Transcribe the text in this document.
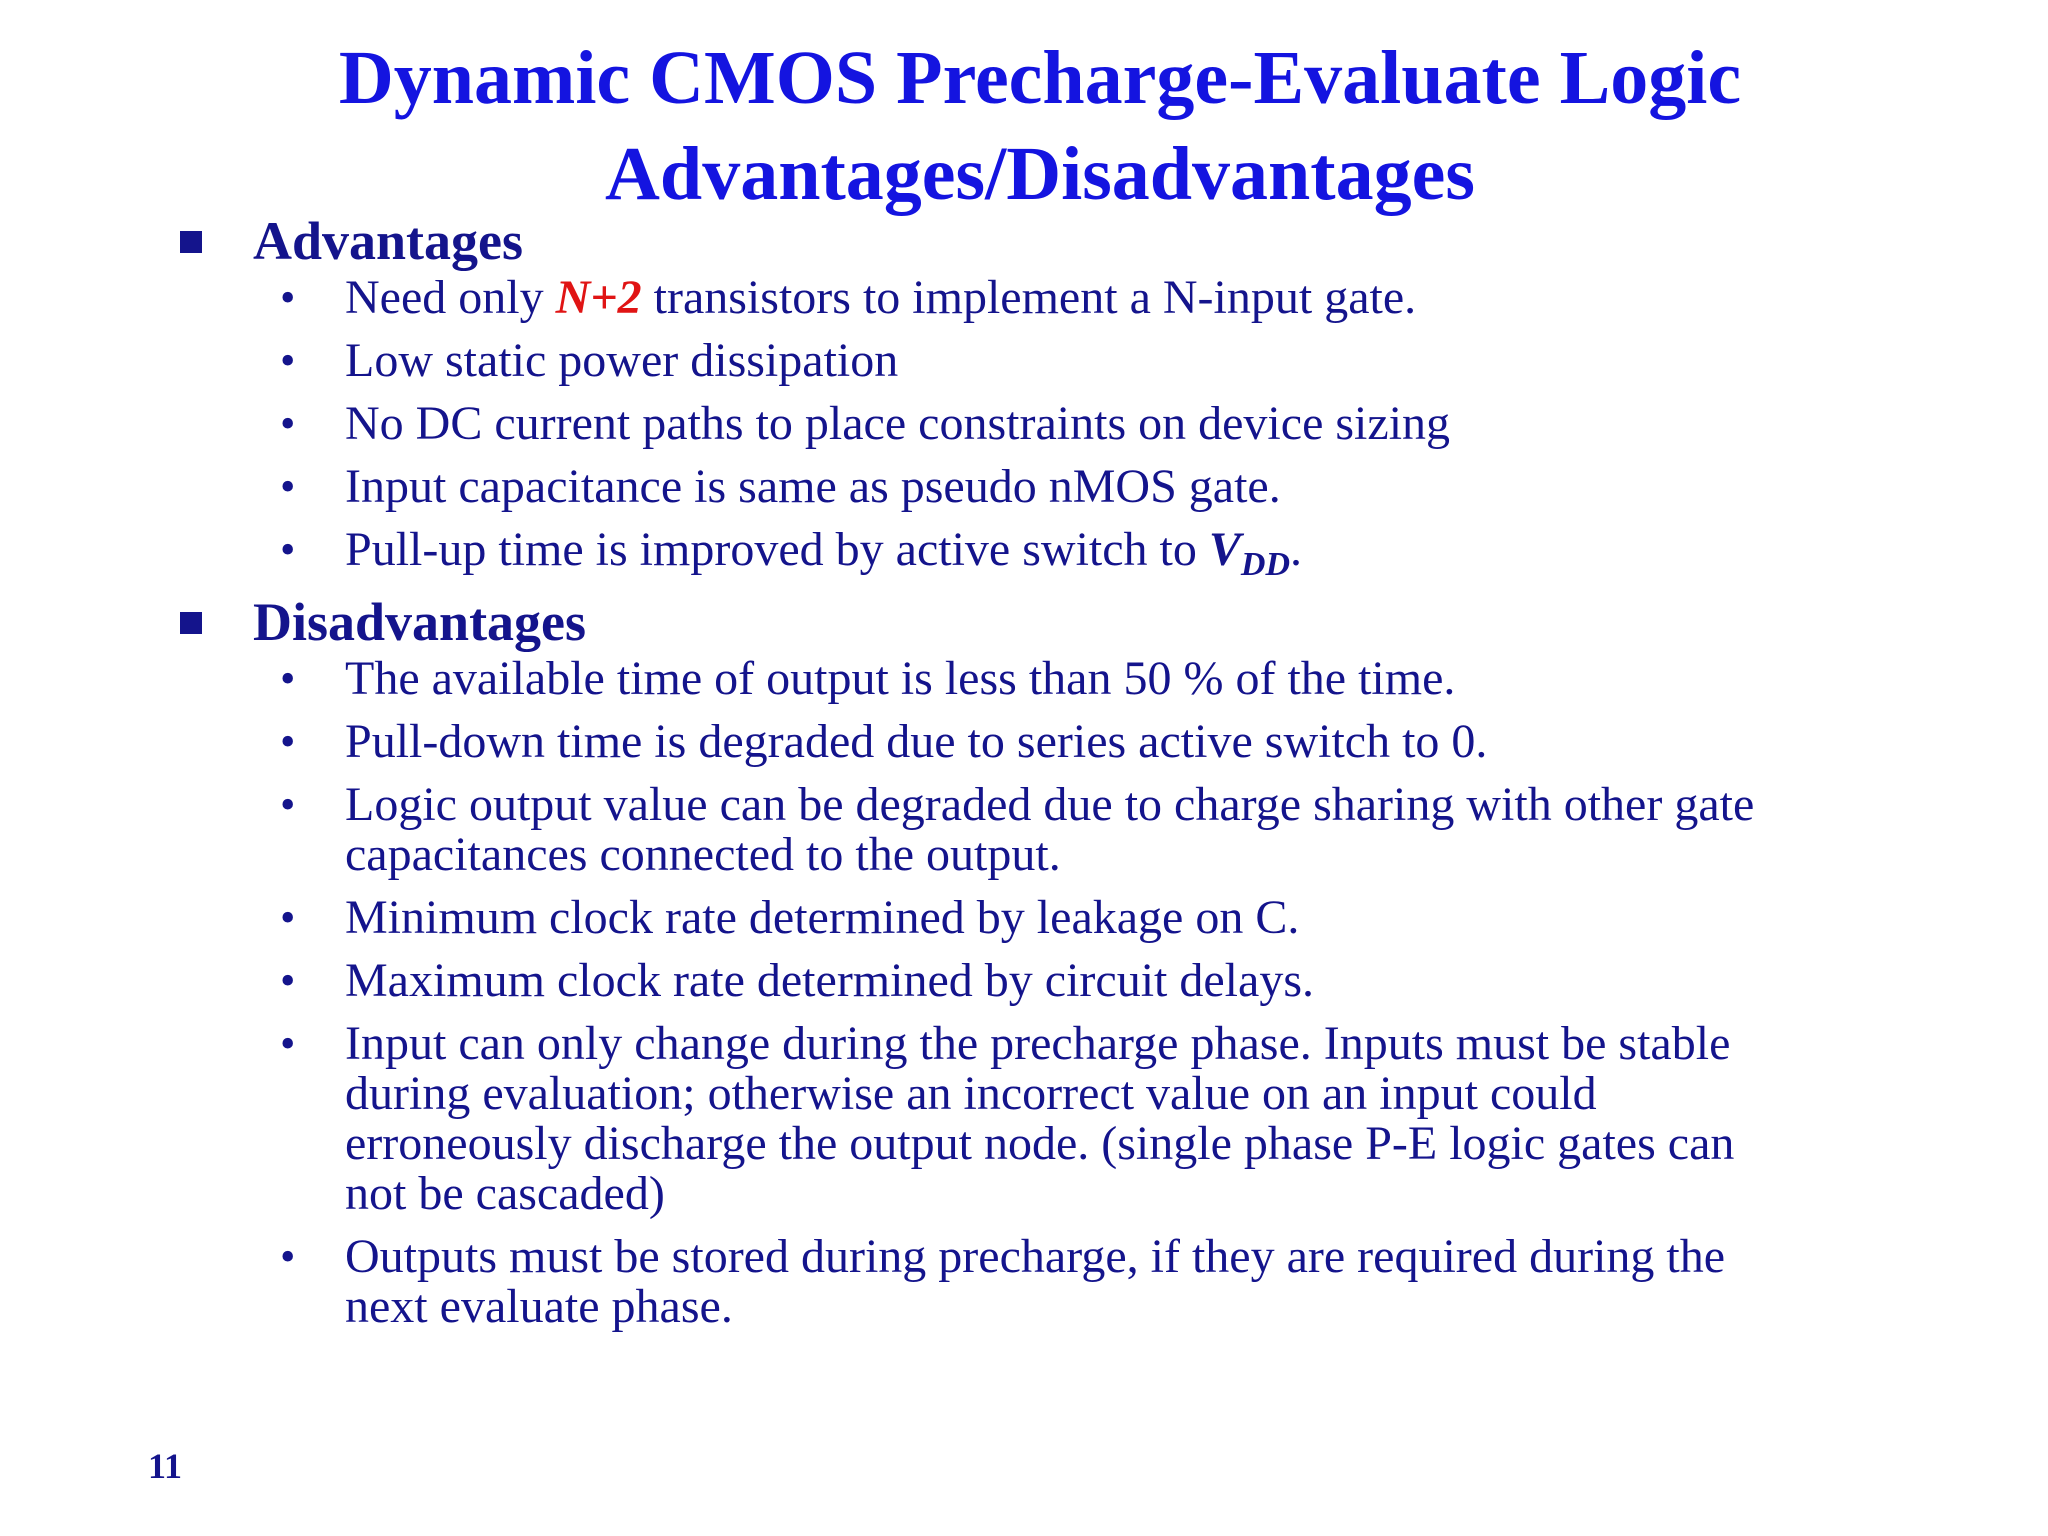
Dynamic CMOS Precharge-Evaluate Logic
Advantages/Disadvantages
Advantages
• Need only N+2 transistors to implement a N-input gate.
• Low static power dissipation
• No DC current paths to place constraints on device sizing
• Input capacitance is same as pseudo nMOS gate.
• Pull-up time is improved by active switch to $V_{DD}$.
Disadvantages
• The available time of output is less than 50 % of the time.
• Pull-down time is degraded due to series active switch to 0.
• Logic output value can be degraded due to charge sharing with other gate
capacitances connected to the output.
• Minimum clock rate determined by leakage on C.
• Maximum clock rate determined by circuit delays.
• Input can only change during the precharge phase. Inputs must be stable
during evaluation; otherwise an incorrect value on an input could
erroneously discharge the output node. (single phase P-E logic gates can
not be cascaded)
• Outputs must be stored during precharge, if they are required during the
next evaluate phase.
11
